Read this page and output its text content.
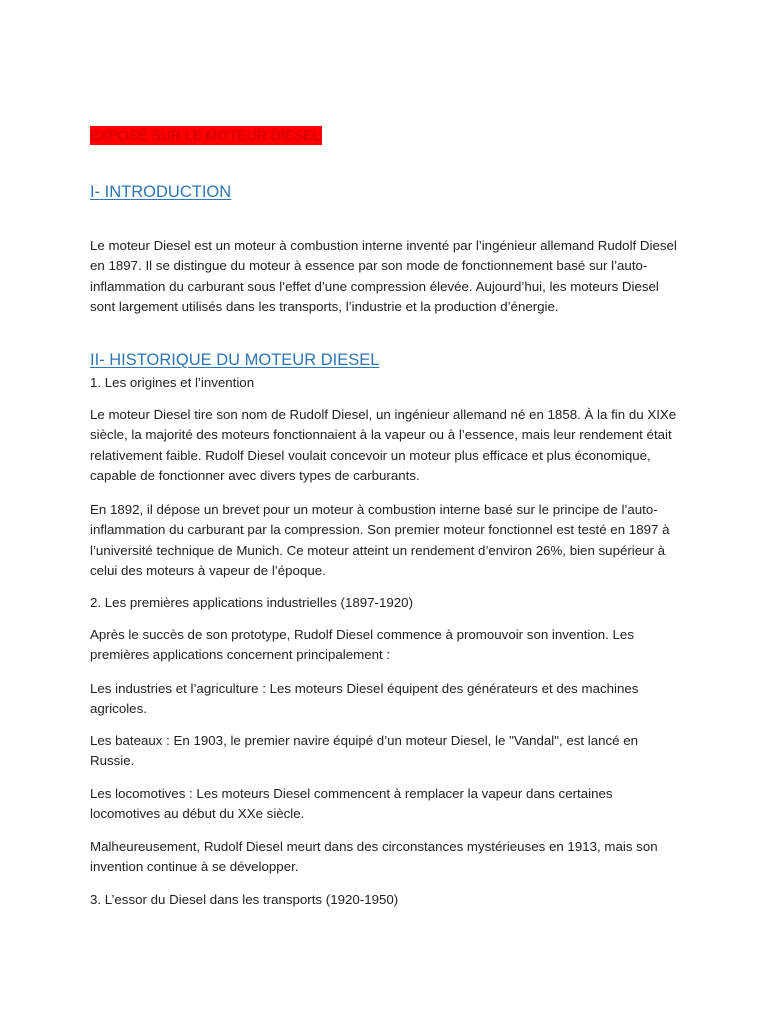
EXPOSÉ SUR LE MOTEUR DIESEL
I- INTRODUCTION

Le moteur Diesel est un moteur à combustion interne inventé par l’ingénieur allemand Rudolf Diesel en 1897. Il se distingue du moteur à essence par son mode de fonctionnement basé sur l’auto-inflammation du carburant sous l’effet d’une compression élevée. Aujourd’hui, les moteurs Diesel sont largement utilisés dans les transports, l’industrie et la production d’énergie.

II- HISTORIQUE DU MOTEUR DIESEL

1. Les origines et l’invention

Le moteur Diesel tire son nom de Rudolf Diesel, un ingénieur allemand né en 1858. À la fin du XIXe siècle, la majorité des moteurs fonctionnaient à la vapeur ou à l’essence, mais leur rendement était relativement faible. Rudolf Diesel voulait concevoir un moteur plus efficace et plus économique, capable de fonctionner avec divers types de carburants.

En 1892, il dépose un brevet pour un moteur à combustion interne basé sur le principe de l’auto-inflammation du carburant par la compression. Son premier moteur fonctionnel est testé en 1897 à l’université technique de Munich. Ce moteur atteint un rendement d’environ 26%, bien supérieur à celui des moteurs à vapeur de l’époque.

2. Les premières applications industrielles (1897-1920)

Après le succès de son prototype, Rudolf Diesel commence à promouvoir son invention. Les premières applications concernent principalement :

Les industries et l’agriculture : Les moteurs Diesel équipent des générateurs et des machines agricoles.

Les bateaux : En 1903, le premier navire équipé d’un moteur Diesel, le "Vandal", est lancé en Russie.

Les locomotives : Les moteurs Diesel commencent à remplacer la vapeur dans certaines locomotives au début du XXe siècle.

Malheureusement, Rudolf Diesel meurt dans des circonstances mystérieuses en 1913, mais son invention continue à se développer.

3. L’essor du Diesel dans les transports (1920-1950)
